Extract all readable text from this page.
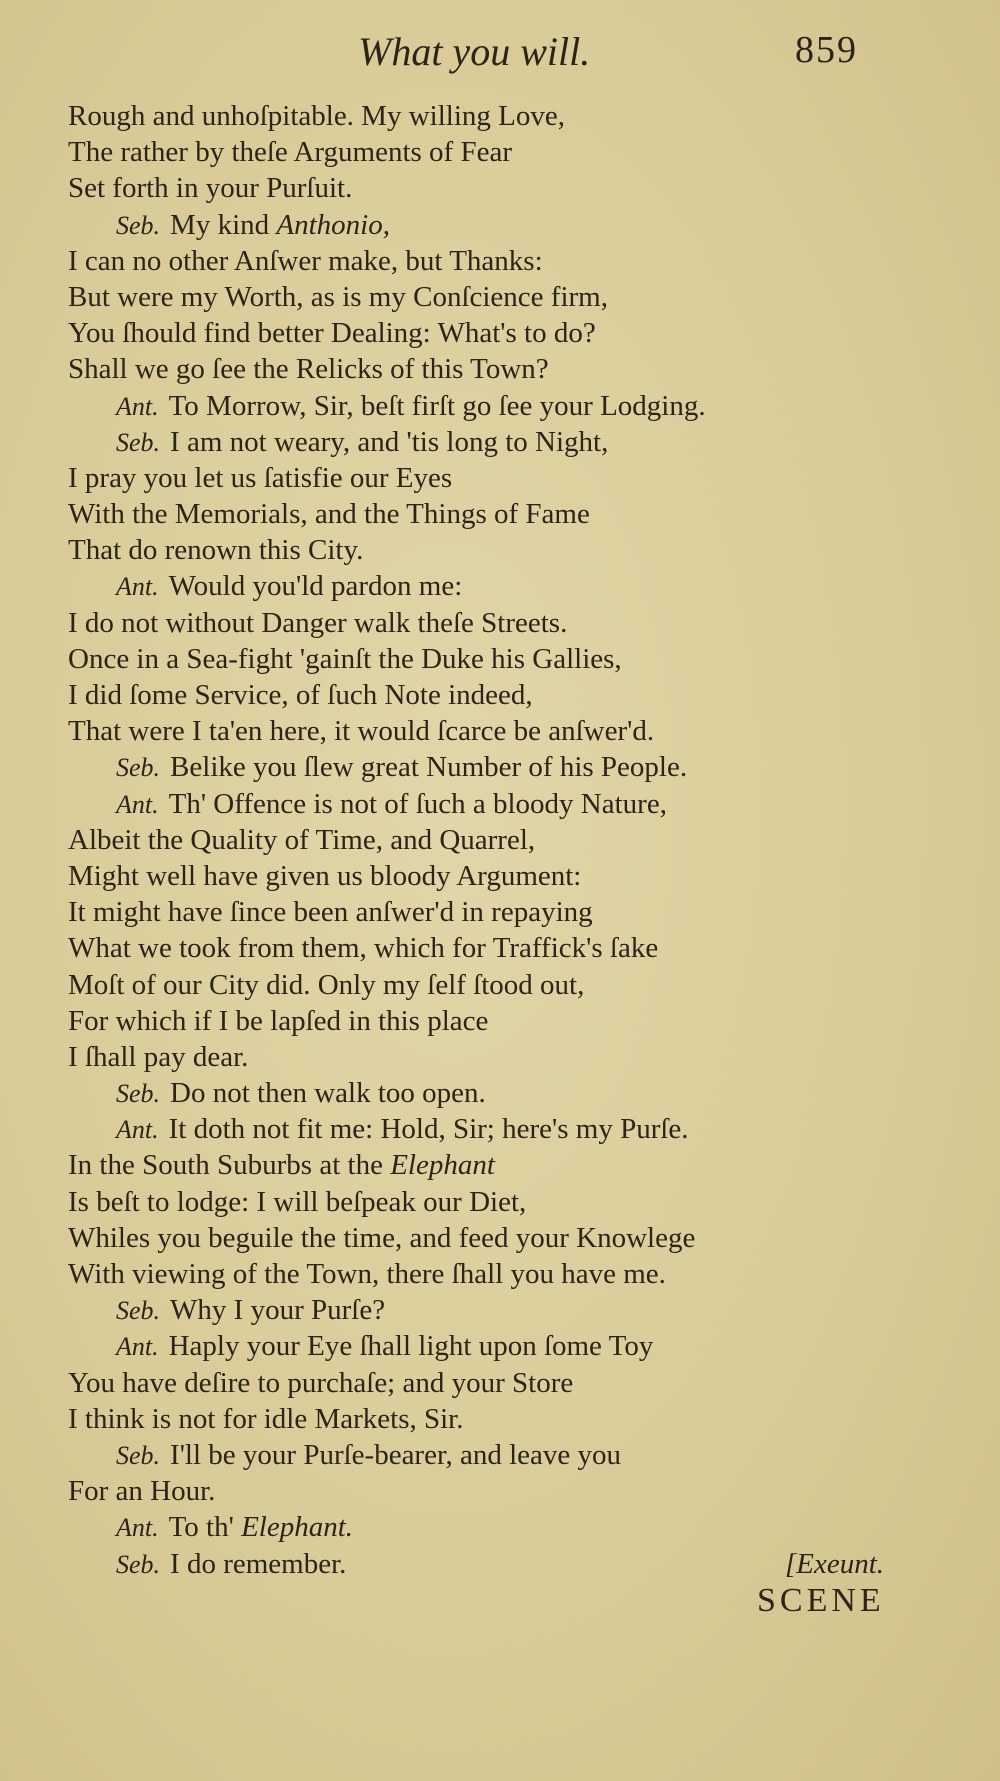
What you will.	859
Rough and unhoſpitable. My willing Love,
The rather by theſe Arguments of Fear
Set forth in your Purſuit.
Seb. My kind Anthonio,
I can no other Anſwer make, but Thanks:
But were my Worth, as is my Conſcience firm,
You ſhould find better Dealing: What's to do?
Shall we go ſee the Relicks of this Town?
Ant. To Morrow, Sir, beſt firſt go ſee your Lodging.
Seb. I am not weary, and 'tis long to Night,
I pray you let us ſatisfie our Eyes
With the Memorials, and the Things of Fame
That do renown this City.
Ant. Would you'ld pardon me:
I do not without Danger walk theſe Streets.
Once in a Sea-fight 'gainſt the Duke his Gallies,
I did ſome Service, of ſuch Note indeed,
That were I ta'en here, it would ſcarce be anſwer'd.
Seb. Belike you ſlew great Number of his People.
Ant. Th' Offence is not of ſuch a bloody Nature,
Albeit the Quality of Time, and Quarrel,
Might well have given us bloody Argument:
It might have ſince been anſwer'd in repaying
What we took from them, which for Traffick's ſake
Moſt of our City did. Only my ſelf ſtood out,
For which if I be lapſed in this place
I ſhall pay dear.
Seb. Do not then walk too open.
Ant. It doth not fit me: Hold, Sir; here's my Purſe.
In the South Suburbs at the Elephant
Is beſt to lodge: I will beſpeak our Diet,
Whiles you beguile the time, and feed your Knowlege
With viewing of the Town, there ſhall you have me.
Seb. Why I your Purſe?
Ant. Haply your Eye ſhall light upon ſome Toy
You have deſire to purchaſe; and your Store
I think is not for idle Markets, Sir.
Seb. I'll be your Purſe-bearer, and leave you
For an Hour.
Ant. To th' Elephant.
Seb. I do remember.	[Exeunt.
SCENE
